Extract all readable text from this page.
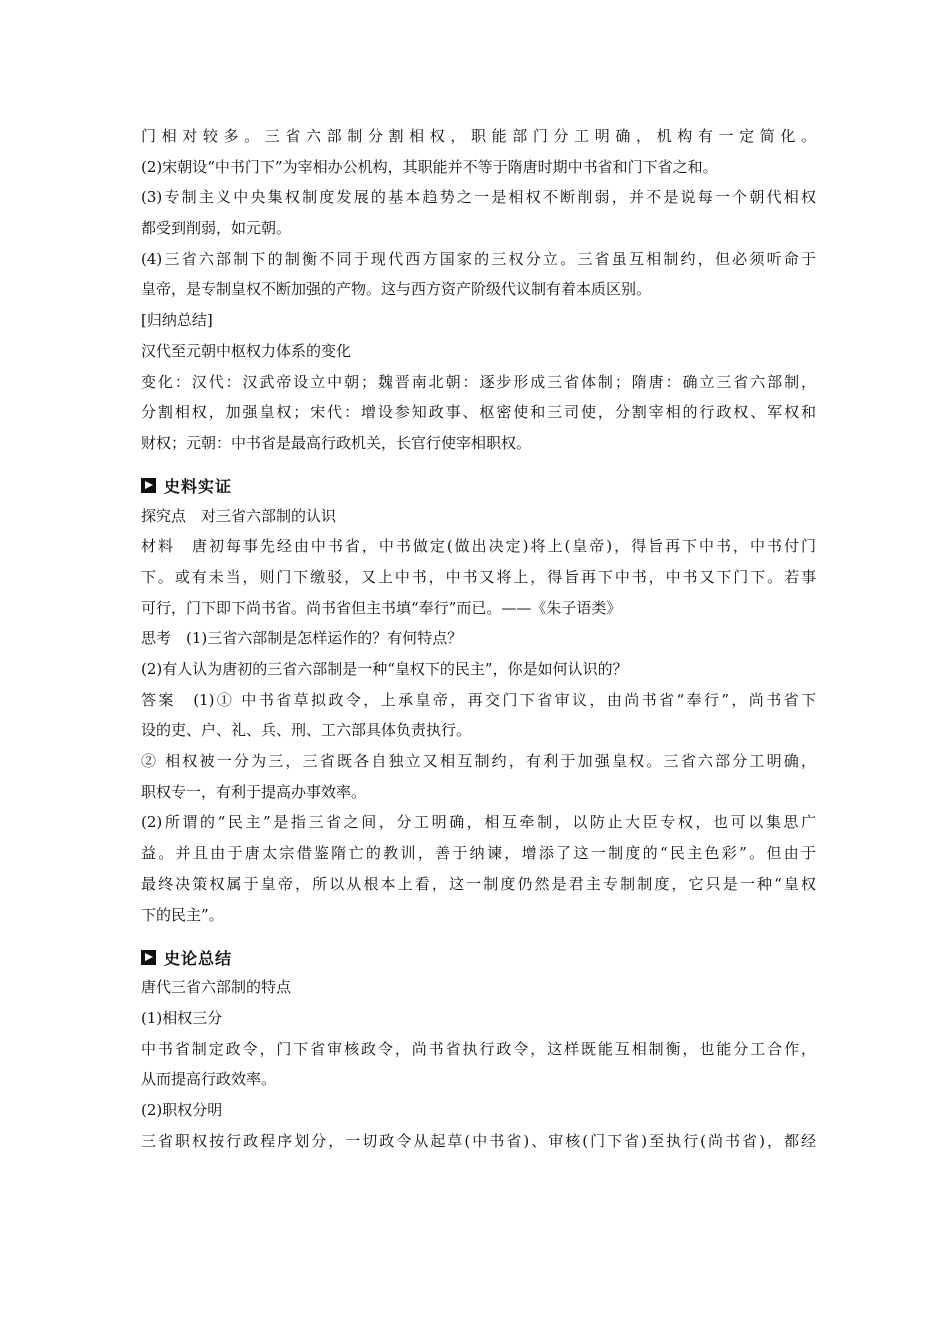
门相对较多。三省六部制分割相权，职能部门分工明确，机构有一定简化。
(2)宋朝设“中书门下”为宰相办公机构，其职能并不等于隋唐时期中书省和门下省之和。
(3)专制主义中央集权制度发展的基本趋势之一是相权不断削弱，并不是说每一个朝代相权
都受到削弱，如元朝。
(4)三省六部制下的制衡不同于现代西方国家的三权分立。三省虽互相制约，但必须听命于
皇帝，是专制皇权不断加强的产物。这与西方资产阶级代议制有着本质区别。
[归纳总结]
汉代至元朝中枢权力体系的变化
变化：汉代：汉武帝设立中朝；魏晋南北朝：逐步形成三省体制；隋唐：确立三省六部制，
分割相权，加强皇权；宋代：增设参知政事、枢密使和三司使，分割宰相的行政权、军权和
财权；元朝：中书省是最高行政机关，长官行使宰相职权。
史料实证
探究点　对三省六部制的认识
材料　唐初每事先经由中书省，中书做定(做出决定)将上(皇帝)，得旨再下中书，中书付门
下。或有未当，则门下缴驳，又上中书，中书又将上，得旨再下中书，中书又下门下。若事
可行，门下即下尚书省。尚书省但主书填“奉行”而已。——《朱子语类》
思考　(1)三省六部制是怎样运作的？有何特点？
(2)有人认为唐初的三省六部制是一种“皇权下的民主”，你是如何认识的？
答案　(1)① 中书省草拟政令，上承皇帝，再交门下省审议，由尚书省“奉行”，尚书省下
设的吏、户、礼、兵、刑、工六部具体负责执行。
② 相权被一分为三，三省既各自独立又相互制约，有利于加强皇权。三省六部分工明确，
职权专一，有利于提高办事效率。
(2)所谓的“民主”是指三省之间，分工明确，相互牵制，以防止大臣专权，也可以集思广
益。并且由于唐太宗借鉴隋亡的教训，善于纳谏，增添了这一制度的“民主色彩”。但由于
最终决策权属于皇帝，所以从根本上看，这一制度仍然是君主专制制度，它只是一种“皇权
下的民主”。
史论总结
唐代三省六部制的特点
(1)相权三分
中书省制定政令，门下省审核政令，尚书省执行政令，这样既能互相制衡，也能分工合作，
从而提高行政效率。
(2)职权分明
三省职权按行政程序划分，一切政令从起草(中书省)、审核(门下省)至执行(尚书省)，都经
